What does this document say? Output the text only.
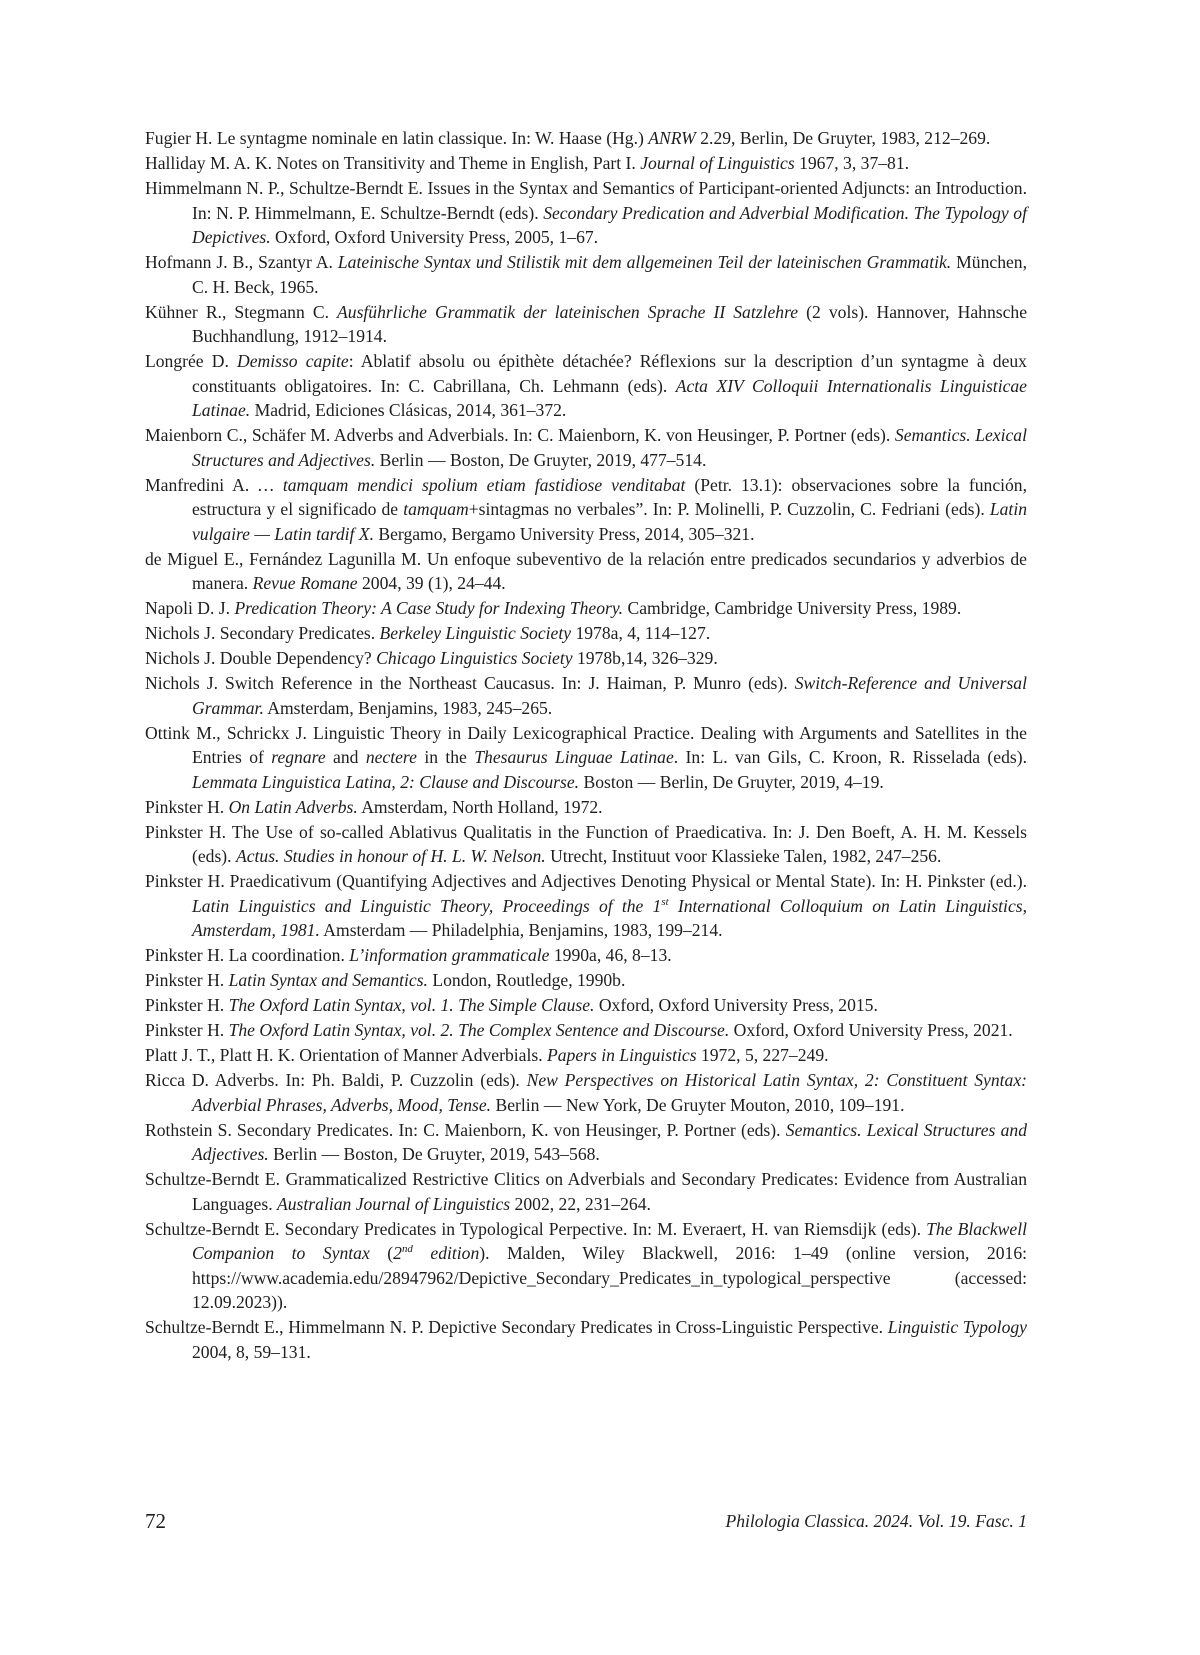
Fugier H. Le syntagme nominale en latin classique. In: W. Haase (Hg.) ANRW 2.29, Berlin, De Gruyter, 1983, 212–269.

Halliday M. A. K. Notes on Transitivity and Theme in English, Part I. Journal of Linguistics 1967, 3, 37–81.

Himmelmann N. P., Schultze-Berndt E. Issues in the Syntax and Semantics of Participant-oriented Adjuncts: an Introduction. In: N. P. Himmelmann, E. Schultze-Berndt (eds). Secondary Predication and Adverbial Modification. The Typology of Depictives. Oxford, Oxford University Press, 2005, 1–67.

Hofmann J. B., Szantyr A. Lateinische Syntax und Stilistik mit dem allgemeinen Teil der lateinischen Grammatik. München, C. H. Beck, 1965.

Kühner R., Stegmann C. Ausführliche Grammatik der lateinischen Sprache II Satzlehre (2 vols). Hannover, Hahnsche Buchhandlung, 1912–1914.

Longrée D. Demisso capite: Ablatif absolu ou épithète détachée? Réflexions sur la description d’un syntagme à deux constituants obligatoires. In: C. Cabrillana, Ch. Lehmann (eds). Acta XIV Colloquii Internationalis Linguisticae Latinae. Madrid, Ediciones Clásicas, 2014, 361–372.

Maienborn C., Schäfer M. Adverbs and Adverbials. In: C. Maienborn, K. von Heusinger, P. Portner (eds). Semantics. Lexical Structures and Adjectives. Berlin — Boston, De Gruyter, 2019, 477–514.

Manfredini A. … tamquam mendici spolium etiam fastidiose venditabat (Petr. 13.1): observaciones sobre la función, estructura y el significado de tamquam+sintagmas no verbales”. In: P. Molinelli, P. Cuzzolin, C. Fedriani (eds). Latin vulgaire — Latin tardif X. Bergamo, Bergamo University Press, 2014, 305–321.

de Miguel E., Fernández Lagunilla M. Un enfoque subeventivo de la relación entre predicados secundarios y adverbios de manera. Revue Romane 2004, 39 (1), 24–44.

Napoli D. J. Predication Theory: A Case Study for Indexing Theory. Cambridge, Cambridge University Press, 1989.

Nichols J. Secondary Predicates. Berkeley Linguistic Society 1978a, 4, 114–127.

Nichols J. Double Dependency? Chicago Linguistics Society 1978b,14, 326–329.

Nichols J. Switch Reference in the Northeast Caucasus. In: J. Haiman, P. Munro (eds). Switch-Reference and Universal Grammar. Amsterdam, Benjamins, 1983, 245–265.

Ottink M., Schrickx J. Linguistic Theory in Daily Lexicographical Practice. Dealing with Arguments and Satellites in the Entries of regnare and nectere in the Thesaurus Linguae Latinae. In: L. van Gils, C. Kroon, R. Risselada (eds). Lemmata Linguistica Latina, 2: Clause and Discourse. Boston — Berlin, De Gruyter, 2019, 4–19.

Pinkster H. On Latin Adverbs. Amsterdam, North Holland, 1972.

Pinkster H. The Use of so-called Ablativus Qualitatis in the Function of Praedicativa. In: J. Den Boeft, A. H. M. Kessels (eds). Actus. Studies in honour of H. L. W. Nelson. Utrecht, Instituut voor Klassieke Talen, 1982, 247–256.

Pinkster H. Praedicativum (Quantifying Adjectives and Adjectives Denoting Physical or Mental State). In: H. Pinkster (ed.). Latin Linguistics and Linguistic Theory, Proceedings of the 1st International Colloquium on Latin Linguistics, Amsterdam, 1981. Amsterdam — Philadelphia, Benjamins, 1983, 199–214.

Pinkster H. La coordination. L’information grammaticale 1990a, 46, 8–13.

Pinkster H. Latin Syntax and Semantics. London, Routledge, 1990b.

Pinkster H. The Oxford Latin Syntax, vol. 1. The Simple Clause. Oxford, Oxford University Press, 2015.

Pinkster H. The Oxford Latin Syntax, vol. 2. The Complex Sentence and Discourse. Oxford, Oxford University Press, 2021.

Platt J. T., Platt H. K. Orientation of Manner Adverbials. Papers in Linguistics 1972, 5, 227–249.

Ricca D. Adverbs. In: Ph. Baldi, P. Cuzzolin (eds). New Perspectives on Historical Latin Syntax, 2: Constituent Syntax: Adverbial Phrases, Adverbs, Mood, Tense. Berlin — New York, De Gruyter Mouton, 2010, 109–191.

Rothstein S. Secondary Predicates. In: C. Maienborn, K. von Heusinger, P. Portner (eds). Semantics. Lexical Structures and Adjectives. Berlin — Boston, De Gruyter, 2019, 543–568.

Schultze-Berndt E. Grammaticalized Restrictive Clitics on Adverbials and Secondary Predicates: Evidence from Australian Languages. Australian Journal of Linguistics 2002, 22, 231–264.

Schultze-Berndt E. Secondary Predicates in Typological Perpective. In: M. Everaert, H. van Riemsdijk (eds). The Blackwell Companion to Syntax (2nd edition). Malden, Wiley Blackwell, 2016: 1–49 (online version, 2016: https://www.academia.edu/28947962/Depictive_Secondary_Predicates_in_typological_perspective (accessed: 12.09.2023)).

Schultze-Berndt E., Himmelmann N. P. Depictive Secondary Predicates in Cross-Linguistic Perspective. Linguistic Typology 2004, 8, 59–131.

72	Philologia Classica. 2024. Vol. 19. Fasc. 1
